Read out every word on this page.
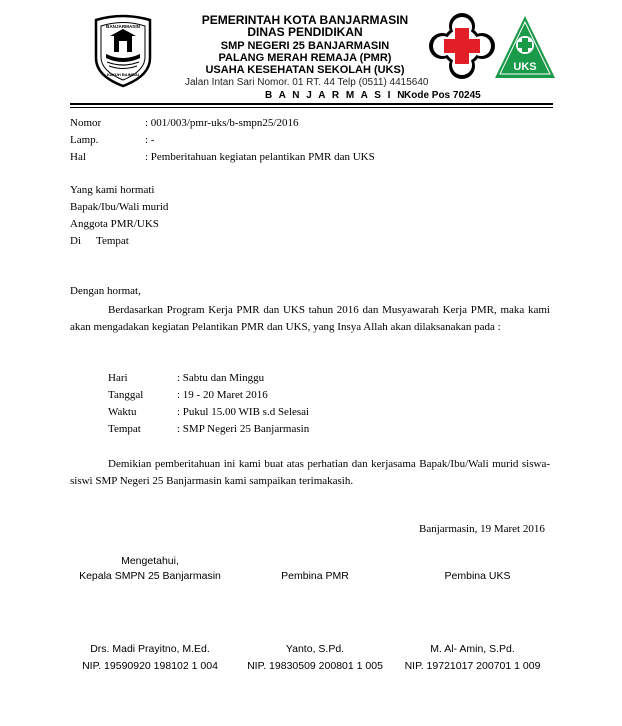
BANJARMASIN
KAYUH BAIMBAI
PEMERINTAH KOTA BANJARMASIN
DINAS PENDIDIKAN
SMP NEGERI 25 BANJARMASIN
PALANG MERAH REMAJA (PMR)
USAHA KESEHATAN SEKOLAH (UKS)
Jalan Intan Sari Nomor. 01 RT. 44 Telp (0511) 4415640
B A N J A R M A S I N
Kode Pos 70245
UKS
Nomor	: 001/003/pmr-uks/b-smpn25/2016
Lamp.	: -
Hal	: Pemberitahuan kegiatan pelantikan PMR dan UKS
Yang kami hormati
Bapak/Ibu/Wali murid
Anggota PMR/UKS
Di Tempat
Dengan hormat,
Berdasarkan Program Kerja PMR dan UKS tahun 2016 dan Musyawarah Kerja PMR, maka kami akan mengadakan kegiatan Pelantikan PMR dan UKS, yang Insya Allah akan dilaksanakan pada :
Hari	: Sabtu dan Minggu
Tanggal	: 19 - 20 Maret 2016
Waktu	: Pukul 15.00 WIB s.d Selesai
Tempat	: SMP Negeri 25 Banjarmasin
Demikian pemberitahuan ini kami buat atas perhatian dan kerjasama Bapak/Ibu/Wali murid siswa-siswi SMP Negeri 25 Banjarmasin kami sampaikan terimakasih.
Banjarmasin, 19 Maret 2016
Mengetahui,
Kepala SMPN 25 Banjarmasin	Pembina PMR	Pembina UKS
Drs. Madi Prayitno, M.Ed.	Yanto, S.Pd.	M. Al- Amin, S.Pd.
NIP. 19590920 198102 1 004	NIP. 19830509 200801 1 005	NIP. 19721017 200701 1 009
